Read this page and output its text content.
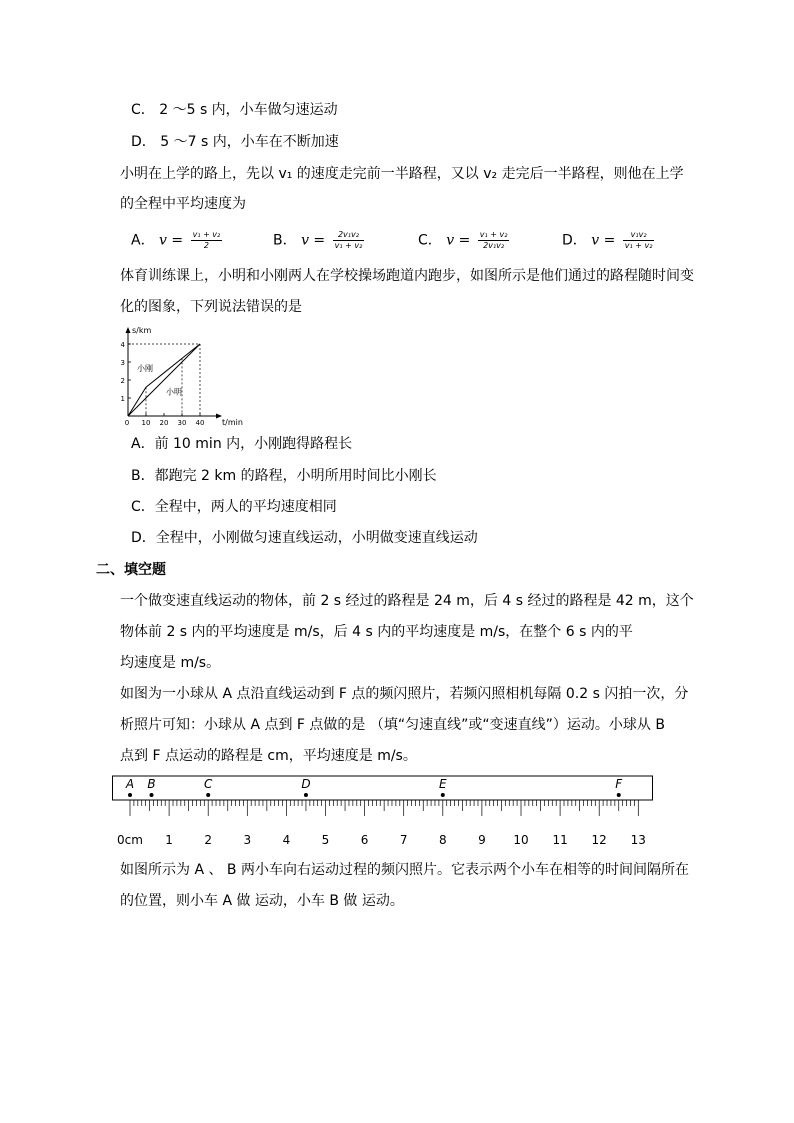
C． 2 ～5 s 内，小车做匀速运动
D． 5 ～7 s 内，小车在不断加速
小明在上学的路上，先以 v₁ 的速度走完前一半路程，又以 v₂ 走完后一半路程，则他在上学
的全程中平均速度为
A． $v = \frac{\text{v₁ + v₂}}{2}$	B． $v = \frac{\text{2v₁v₂}}{\text{v₁ + v₂}}$	C． $v = \frac{\text{v₁ + v₂}}{\text{2v₁v₂}}$	D． $v = \frac{\text{v₁v₂}}{\text{v₁ + v₂}}$
体育训练课上，小明和小刚两人在学校操场跑道内跑步，如图所示是他们通过的路程随时间变
化的图象，下列说法错误的是
1
2
3
4
0 10 20 30 40
小刚
小明
s/km
t/min
A．前 10 min 内，小刚跑得路程长
B．都跑完 2 km 的路程，小明所用时间比小刚长
C．全程中，两人的平均速度相同
D．全程中，小刚做匀速直线运动，小明做变速直线运动
二、填空题
一个做变速直线运动的物体，前 2 s 经过的路程是 24 m，后 4 s 经过的路程是 42 m，这个
物体前 2 s 内的平均速度是 m/s，后 4 s 内的平均速度是 m/s，在整个 6 s 内的平
均速度是 m/s。
如图为一小球从 A 点沿直线运动到 F 点的频闪照片，若频闪照相机每隔 0.2 s 闪拍一次，分
析照片可知：小球从 A 点到 F 点做的是 （填“匀速直线”或“变速直线”）运动。小球从 B
点到 F 点运动的路程是 cm，平均速度是 m/s。
0cm 1	2	3	4	5	6	7	8	9 10 11 12 13
A B	C	D	E	F
如图所示为 A 、 B 两小车向右运动过程的频闪照片。它表示两个小车在相等的时间间隔所在
的位置，则小车 A 做 运动，小车 B 做 运动。
